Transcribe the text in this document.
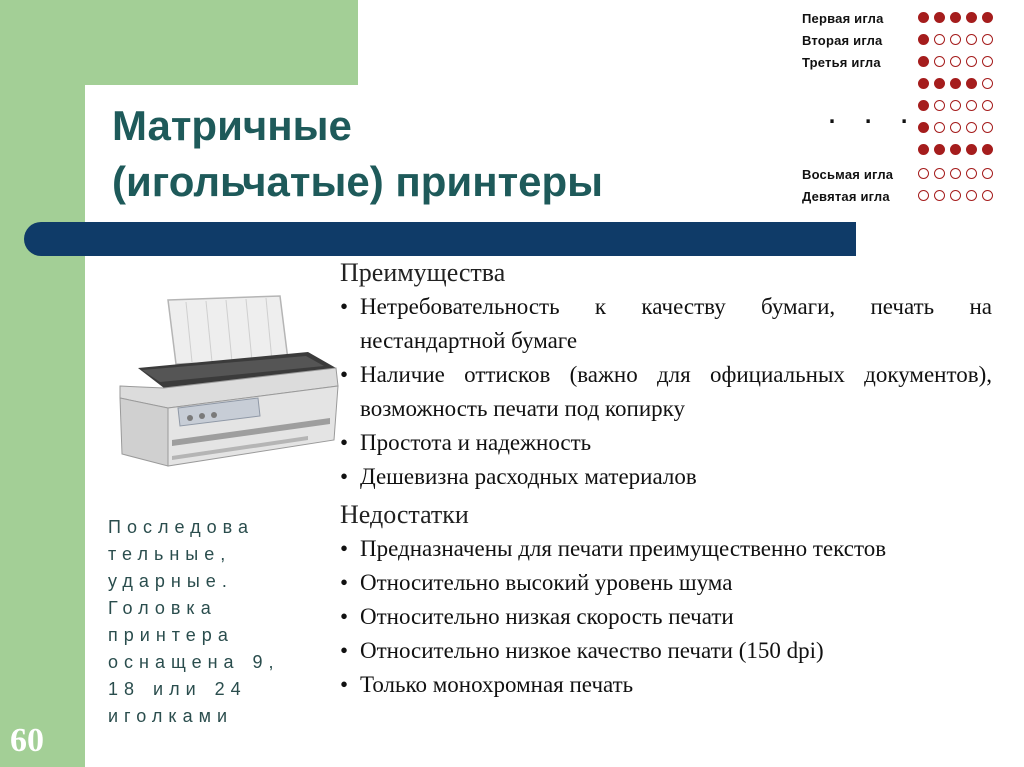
Матричные
(игольчатые) принтеры
. . .
Первая игла
Вторая игла
Третья игла
Восьмая игла
Девятая игла
Последова
тельные,
ударные.
Головка
принтера
оснащена 9,
18 или 24
иголками
60

Преимущества

• Нетребовательность к качеству бумаги, печать на нестандартной бумаге
• Наличие оттисков (важно для официальных документов), возможность печати под копирку
• Простота и надежность
• Дешевизна расходных материалов

Недостатки

• Предназначены для печати преимущественно текстов
• Относительно высокий уровень шума
• Относительно низкая скорость печати
• Относительно низкое качество печати (150 dpi)
• Только монохромная печать
